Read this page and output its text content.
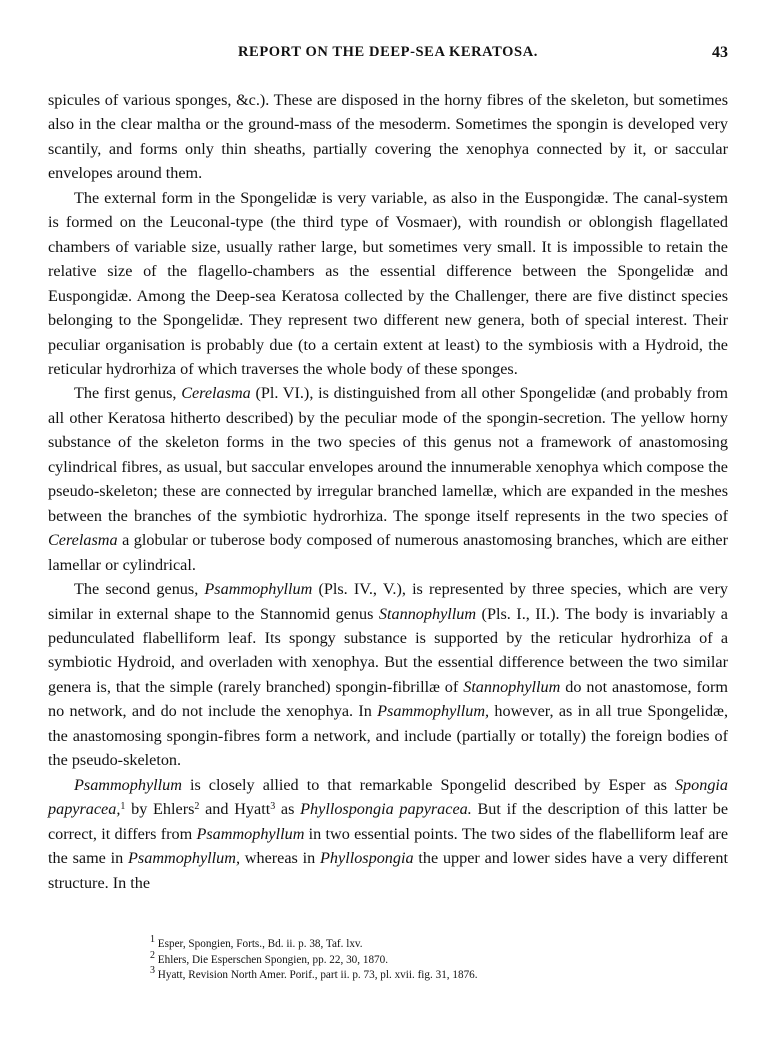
REPORT ON THE DEEP-SEA KERATOSA.	43

spicules of various sponges, &c.). These are disposed in the horny fibres of the skeleton, but sometimes also in the clear maltha or the ground-mass of the mesoderm. Sometimes the spongin is developed very scantily, and forms only thin sheaths, partially covering the xenophya connected by it, or saccular envelopes around them.

The external form in the Spongelidæ is very variable, as also in the Euspongidæ. The canal-system is formed on the Leuconal-type (the third type of Vosmaer), with roundish or oblongish flagellated chambers of variable size, usually rather large, but sometimes very small. It is impossible to retain the relative size of the flagello-chambers as the essential difference between the Spongelidæ and Euspongidæ. Among the Deep-sea Keratosa collected by the Challenger, there are five distinct species belonging to the Spongelidæ. They represent two different new genera, both of special interest. Their peculiar organisation is probably due (to a certain extent at least) to the symbiosis with a Hydroid, the reticular hydrorhiza of which traverses the whole body of these sponges.

The first genus, Cerelasma (Pl. VI.), is distinguished from all other Spongelidæ (and probably from all other Keratosa hitherto described) by the peculiar mode of the spongin-secretion. The yellow horny substance of the skeleton forms in the two species of this genus not a framework of anastomosing cylindrical fibres, as usual, but saccular envelopes around the innumerable xenophya which compose the pseudo-skeleton; these are connected by irregular branched lamellæ, which are expanded in the meshes between the branches of the symbiotic hydrorhiza. The sponge itself represents in the two species of Cerelasma a globular or tuberose body composed of numerous anastomosing branches, which are either lamellar or cylindrical.

The second genus, Psammophyllum (Pls. IV., V.), is represented by three species, which are very similar in external shape to the Stannomid genus Stannophyllum (Pls. I., II.). The body is invariably a pedunculated flabelliform leaf. Its spongy substance is supported by the reticular hydrorhiza of a symbiotic Hydroid, and overladen with xenophya. But the essential difference between the two similar genera is, that the simple (rarely branched) spongin-fibrillæ of Stannophyllum do not anastomose, form no network, and do not include the xenophya. In Psammophyllum, however, as in all true Spongelidæ, the anastomosing spongin-fibres form a network, and include (partially or totally) the foreign bodies of the pseudo-skeleton.

Psammophyllum is closely allied to that remarkable Spongelid described by Esper as Spongia papyracea,$^1$ by Ehlers$^2$ and Hyatt$^3$ as Phyllospongia papyracea. But if the description of this latter be correct, it differs from Psammophyllum in two essential points. The two sides of the flabelliform leaf are the same in Psammophyllum, whereas in Phyllospongia the upper and lower sides have a very different structure. In the

$^1$ Esper, Spongien, Forts., Bd. ii. p. 38, Taf. lxv.
$^2$ Ehlers, Die Esperschen Spongien, pp. 22, 30, 1870.
$^3$ Hyatt, Revision North Amer. Porif., part ii. p. 73, pl. xvii. fig. 31, 1876.
